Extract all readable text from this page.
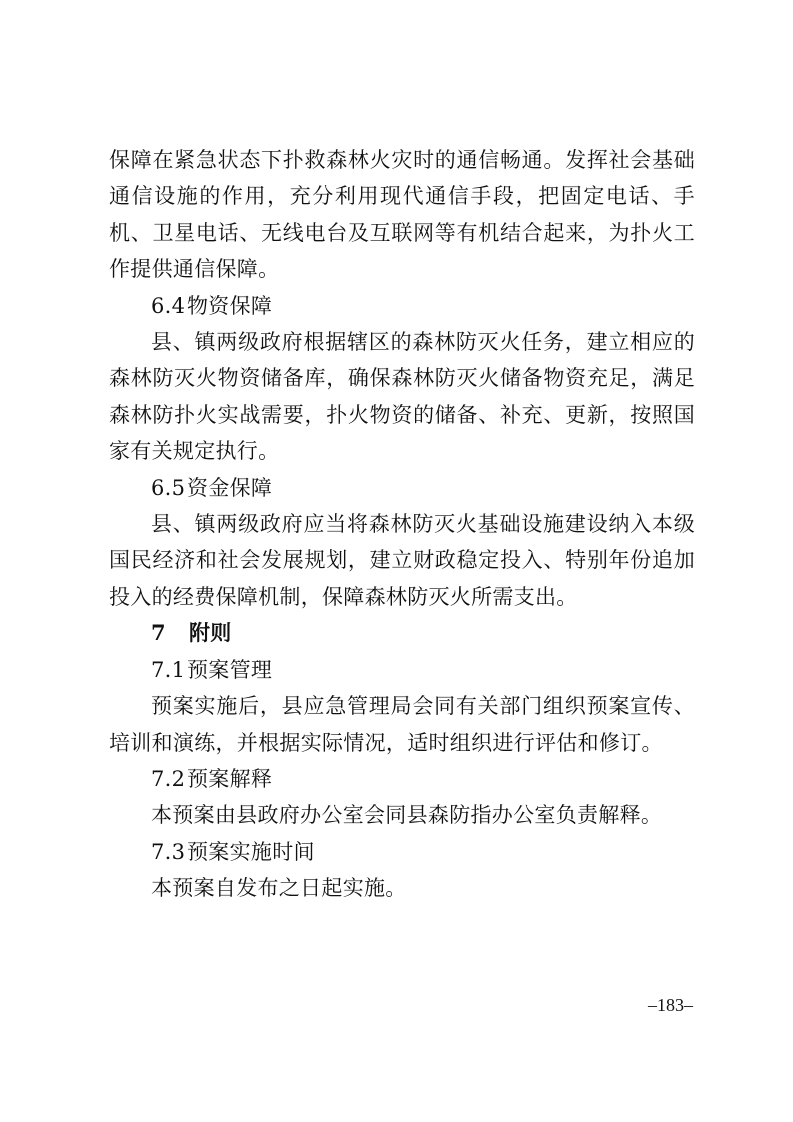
保障在紧急状态下扑救森林火灾时的通信畅通。发挥社会基础通信设施的作用，充分利用现代通信手段，把固定电话、手机、卫星电话、无线电台及互联网等有机结合起来，为扑火工作提供通信保障。

6.4物资保障

县、镇两级政府根据辖区的森林防灭火任务，建立相应的森林防灭火物资储备库，确保森林防灭火储备物资充足，满足森林防扑火实战需要，扑火物资的储备、补充、更新，按照国家有关规定执行。

6.5资金保障

县、镇两级政府应当将森林防灭火基础设施建设纳入本级国民经济和社会发展规划，建立财政稳定投入、特别年份追加投入的经费保障机制，保障森林防灭火所需支出。

7 附则

7.1预案管理

预案实施后，县应急管理局会同有关部门组织预案宣传、培训和演练，并根据实际情况，适时组织进行评估和修订。

7.2预案解释

本预案由县政府办公室会同县森防指办公室负责解释。

7.3预案实施时间

本预案自发布之日起实施。

–183–
